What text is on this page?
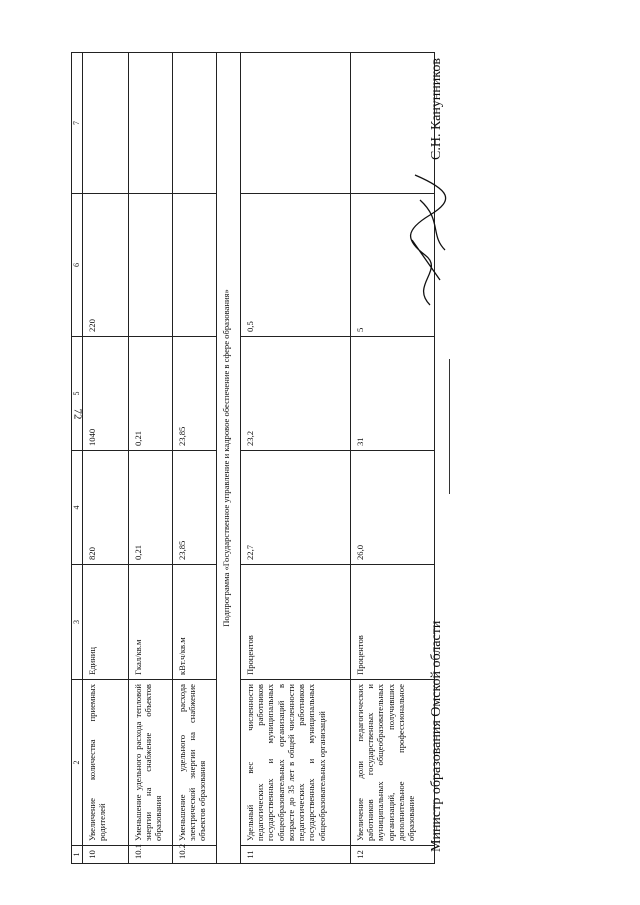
72
1	2	3	4	5	6	7
10	Увеличение количества приемных родителей	Единиц	820	1040	220	
10.1	Уменьшение удельного расхода тепловой энергии на снабжение объектов образования	Гкал/кв.м	0,21	0,21		
10.2	Уменьшение удельного расхода электрической энергии на снабжение объектов образования	кВт.ч/кв.м	23,85	23,85		
Подпрограмма «Государственное управление и кадровое обеспечение в сфере образования»						
11	Удельный вес численности педагогических работников государственных и муниципальных общеобразовательных организаций в возрасте до 35 лет в общей численности педагогических работников государственных и муниципальных общеобразовательных организаций	Процентов	22,7	23,2	0,5	
12	Увеличение доли педагогических работников государственных и муниципальных общеобразовательных организаций, получивших дополнительное профессиональное образование	Процентов	26,0	31	5	
Министр образования Омской области
С.Н. Канунников
